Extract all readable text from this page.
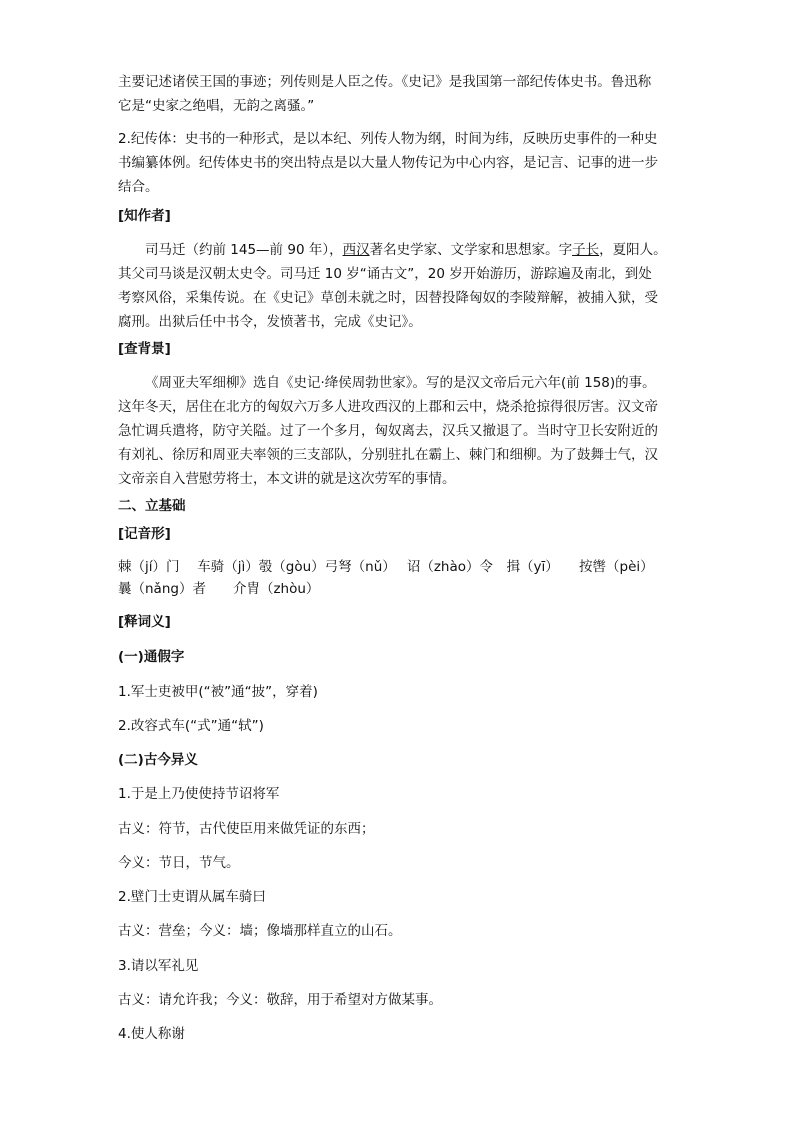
主要记述诸侯王国的事迹；列传则是人臣之传。《史记》是我国第一部纪传体史书。鲁迅称

它是“史家之绝唱，无韵之离骚。”

2.纪传体：史书的一种形式，是以本纪、列传人物为纲，时间为纬，反映历史事件的一种史

书编纂体例。纪传体史书的突出特点是以大量人物传记为中心内容，是记言、记事的进一步

结合。

[知作者]

司马迁（约前 145—前 90 年），西汉著名史学家、文学家和思想家。字子长，夏阳人。

其父司马谈是汉朝太史令。司马迁 10 岁“诵古文”，20 岁开始游历，游踪遍及南北，到处

考察风俗，采集传说。在《史记》草创未就之时，因替投降匈奴的李陵辩解，被捕入狱，受

腐刑。出狱后任中书令，发愤著书，完成《史记》。

[查背景]

《周亚夫军细柳》选自《史记·绛侯周勃世家》。写的是汉文帝后元六年(前 158)的事。

这年冬天，居住在北方的匈奴六万多人进攻西汉的上郡和云中，烧杀抢掠得很厉害。汉文帝

急忙调兵遣将，防守关隘。过了一个多月，匈奴离去，汉兵又撤退了。当时守卫长安附近的

有刘礼、徐厉和周亚夫率领的三支部队，分别驻扎在霸上、棘门和细柳。为了鼓舞士气，汉

文帝亲自入营慰劳将士，本文讲的就是这次劳军的事情。

二、立基础
[记音形]

棘（jí）门　 车骑（jì）彀（gòu）弓弩（nǔ）　 诏（zhào）令　揖（yī）　　按辔（pèi）

曩（nǎng）者　　介胄（zhòu）

[释词义]
(一)通假字
1.军士吏被甲(“被”通“披”，穿着)
2.改容式车(“式”通“轼”)
(二)古今异义
1.于是上乃使使持节诏将军
古义：符节，古代使臣用来做凭证的东西；
今义：节日，节气。
2.壁门士吏谓从属车骑曰
古义：营垒；今义：墙；像墙那样直立的山石。
3.请以军礼见
古义：请允许我；今义：敬辞，用于希望对方做某事。
4.使人称谢
